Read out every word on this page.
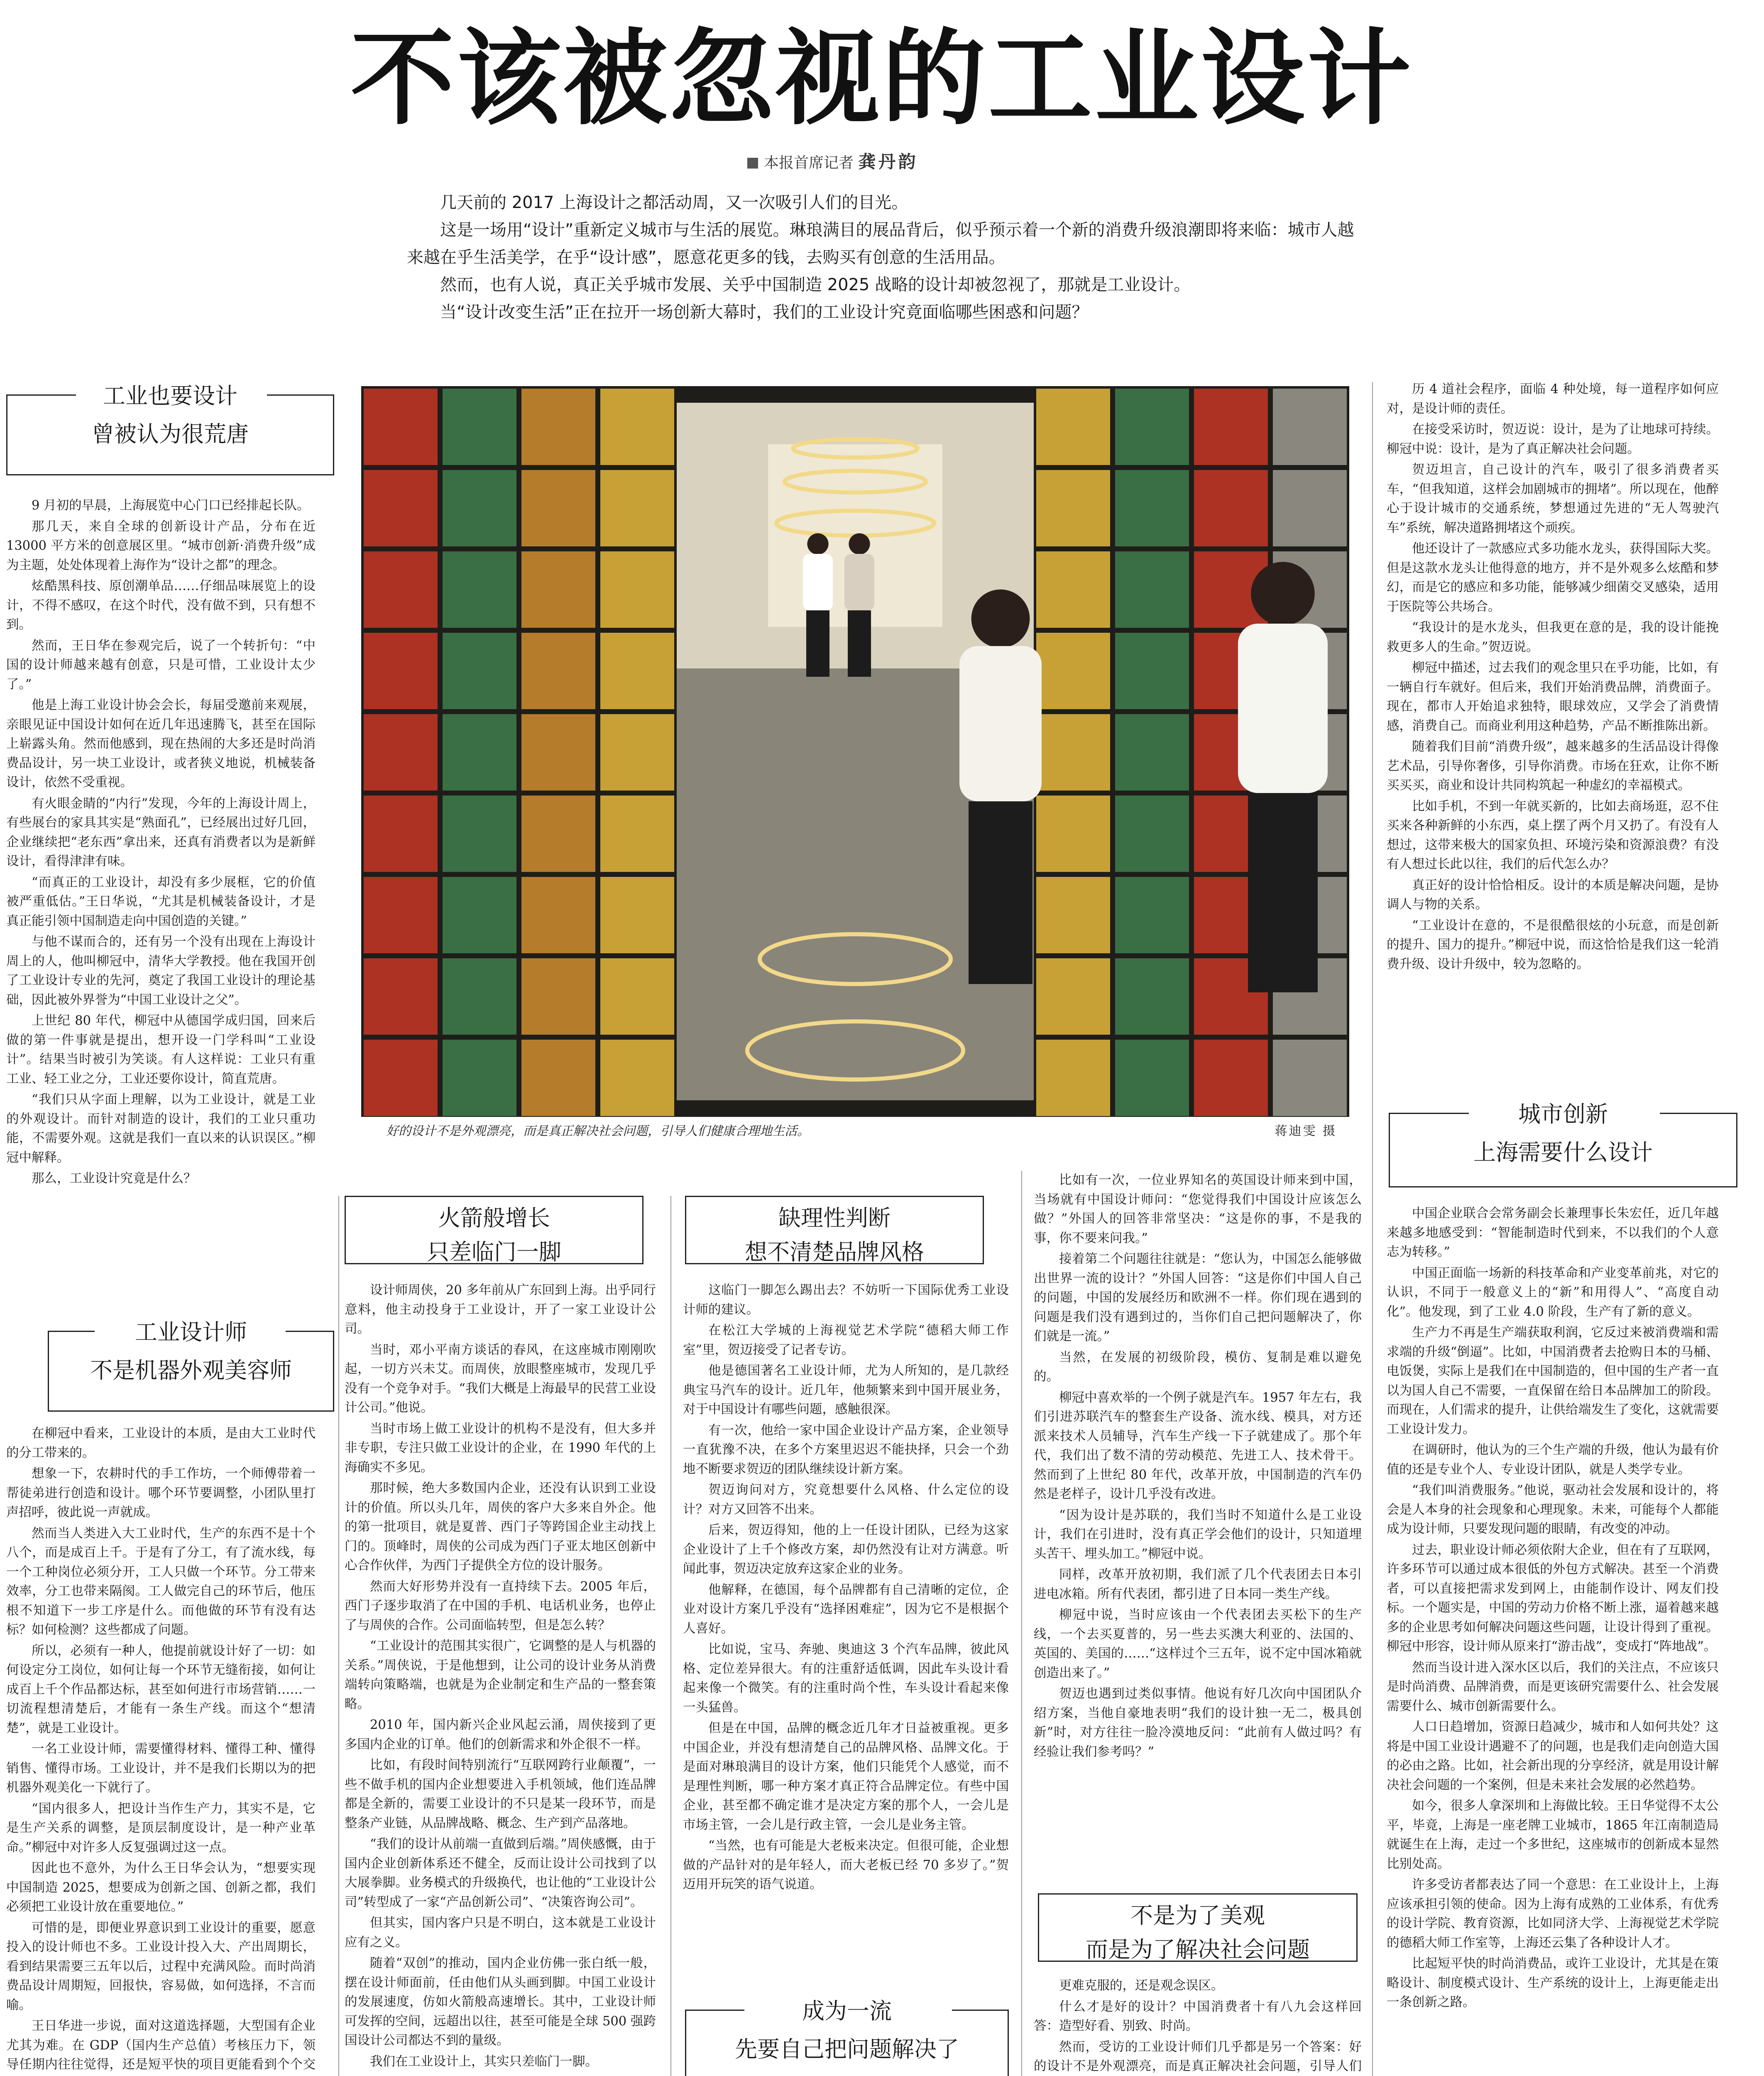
不该被忽视的工业设计
本报首席记者 龚丹韵

几天前的 2017 上海设计之都活动周，又一次吸引人们的目光。

这是一场用“设计”重新定义城市与生活的展览。琳琅满目的展品背后，似乎预示着一个新的消费升级浪潮即将来临：城市人越来越在乎生活美学，在乎“设计感”，愿意花更多的钱，去购买有创意的生活用品。

然而，也有人说，真正关乎城市发展、关乎中国制造 2025 战略的设计却被忽视了，那就是工业设计。

当“设计改变生活”正在拉开一场创新大幕时，我们的工业设计究竟面临哪些困惑和问题？

工业也要设计
曾被认为很荒唐

9 月初的早晨，上海展览中心门口已经排起长队。

那几天，来自全球的创新设计产品，分布在近 13000 平方米的创意展区里。“城市创新·消费升级”成为主题，处处体现着上海作为“设计之都”的理念。

炫酷黑科技、原创潮单品……仔细品味展览上的设计，不得不感叹，在这个时代，没有做不到，只有想不到。

然而，王日华在参观完后，说了一个转折句：“中国的设计师越来越有创意，只是可惜，工业设计太少了。”

他是上海工业设计协会会长，每届受邀前来观展，亲眼见证中国设计如何在近几年迅速腾飞，甚至在国际上崭露头角。然而他感到，现在热闹的大多还是时尚消费品设计，另一块工业设计，或者狭义地说，机械装备设计，依然不受重视。

有火眼金睛的“内行”发现，今年的上海设计周上，有些展台的家具其实是“熟面孔”，已经展出过好几回，企业继续把“老东西”拿出来，还真有消费者以为是新鲜设计，看得津津有味。

“而真正的工业设计，却没有多少展框，它的价值被严重低估。”王日华说，“尤其是机械装备设计，才是真正能引领中国制造走向中国创造的关键。”

与他不谋而合的，还有另一个没有出现在上海设计周上的人，他叫柳冠中，清华大学教授。他在我国开创了工业设计专业的先河，奠定了我国工业设计的理论基础，因此被外界誉为“中国工业设计之父”。

上世纪 80 年代，柳冠中从德国学成归国，回来后做的第一件事就是提出，想开设一门学科叫“工业设计”。结果当时被引为笑谈。有人这样说：工业只有重工业、轻工业之分，工业还要你设计，简直荒唐。

“我们只从字面上理解，以为工业设计，就是工业的外观设计。而针对制造的设计，我们的工业只重功能，不需要外观。这就是我们一直以来的认识误区。”柳冠中解释。

那么，工业设计究竟是什么？

工业设计师
不是机器外观美容师

在柳冠中看来，工业设计的本质，是由大工业时代的分工带来的。

想象一下，农耕时代的手工作坊，一个师傅带着一帮徒弟进行创造和设计。哪个环节要调整，小团队里打声招呼，彼此说一声就成。

然而当人类进入大工业时代，生产的东西不是十个八个，而是成百上千。于是有了分工，有了流水线，每一个工种岗位必须分开，工人只做一个环节。分工带来效率，分工也带来隔阂。工人做完自己的环节后，他压根不知道下一步工序是什么。而他做的环节有没有达标？如何检测？这些都成了问题。

所以，必须有一种人，他提前就设计好了一切：如何设定分工岗位，如何让每一个环节无缝衔接，如何让成百上千个作品都达标，甚至如何进行市场营销……一切流程想清楚后，才能有一条生产线。而这个“想清楚”，就是工业设计。

一名工业设计师，需要懂得材料、懂得工种、懂得销售、懂得市场。工业设计，并不是我们长期以为的把机器外观美化一下就行了。

“国内很多人，把设计当作生产力，其实不是，它是生产关系的调整，是顶层制度设计，是一种产业革命。”柳冠中对许多人反复强调过这一点。

因此也不意外，为什么王日华会认为，“想要实现中国制造 2025，想要成为创新之国、创新之都，我们必须把工业设计放在重要地位。”

可惜的是，即便业界意识到工业设计的重要，愿意投入的设计师也不多。工业设计投入大、产出周期长，看到结果需要三五年以后，过程中充满风险。而时尚消费品设计周期短，回报快，容易做，如何选择，不言而喻。

王日华进一步说，面对这道选择题，大型国有企业尤其为难。在 GDP（国内生产总值）考核压力下，领导任期内往往觉得，还是短平快的项目更能看到个个交

好的设计不是外观漂亮，而是真正解决社会问题，引导人们健康合理地生活。	蒋迪雯 摄
火箭般增长
只差临门一脚

设计师周侠，20 多年前从广东回到上海。出乎同行意料，他主动投身于工业设计，开了一家工业设计公司。

当时，邓小平南方谈话的春风，在这座城市刚刚吹起，一切方兴未艾。而周侠，放眼整座城市，发现几乎没有一个竞争对手。“我们大概是上海最早的民营工业设计公司。”他说。

当时市场上做工业设计的机构不是没有，但大多并非专职，专注只做工业设计的企业，在 1990 年代的上海确实不多见。

那时候，绝大多数国内企业，还没有认识到工业设计的价值。所以头几年，周侠的客户大多来自外企。他的第一批项目，就是夏普、西门子等跨国企业主动找上门的。顶峰时，周侠的公司成为西门子亚太地区创新中心合作伙伴，为西门子提供全方位的设计服务。

然而大好形势并没有一直持续下去。2005 年后，西门子逐步取消了在中国的手机、电话机业务，也停止了与周侠的合作。公司面临转型，但是怎么转？

“工业设计的范围其实很广，它调整的是人与机器的关系。”周侠说，于是他想到，让公司的设计业务从消费端转向策略端，也就是为企业制定和生产品的一整套策略。

2010 年，国内新兴企业风起云涌，周侠接到了更多国内企业的订单。他们的创新需求和外企很不一样。

比如，有段时间特别流行“互联网跨行业颠覆”，一些不做手机的国内企业想要进入手机领域，他们连品牌都是全新的，需要工业设计的不只是某一段环节，而是整条产业链，从品牌战略、概念、生产到产品落地。

“我们的设计从前端一直做到后端。”周侠感慨，由于国内企业创新体系还不健全，反而让设计公司找到了以大展拳脚。业务模式的升级换代，也让他的“工业设计公司”转型成了一家“产品创新公司”、“决策咨询公司”。

但其实，国内客户只是不明白，这本就是工业设计应有之义。

随着“双创”的推动，国内企业仿佛一张白纸一般，摆在设计师面前，任由他们从头画到脚。中国工业设计的发展速度，仿如火箭般高速增长。其中，工业设计师可发挥的空间，远超出以往，甚至可能是全球 500 强跨国设计公司都达不到的量级。

我们在工业设计上，其实只差临门一脚。

缺理性判断
想不清楚品牌风格

这临门一脚怎么踢出去？不妨听一下国际优秀工业设计师的建议。

在松江大学城的上海视觉艺术学院“德稻大师工作室”里，贺迈接受了记者专访。

他是德国著名工业设计师，尤为人所知的，是几款经典宝马汽车的设计。近几年，他频繁来到中国开展业务，对于中国设计有哪些问题，感触很深。

有一次，他给一家中国企业设计产品方案，企业领导一直犹豫不决，在多个方案里迟迟不能抉择，只会一个劲地不断要求贺迈的团队继续设计新方案。

贺迈询问对方，究竟想要什么风格、什么定位的设计？对方又回答不出来。

后来，贺迈得知，他的上一任设计团队，已经为这家企业设计了上千个修改方案，却仍然没有让对方满意。听闻此事，贺迈决定放弃这家企业的业务。

他解释，在德国，每个品牌都有自己清晰的定位，企业对设计方案几乎没有“选择困难症”，因为它不是根据个人喜好。

比如说，宝马、奔驰、奥迪这 3 个汽车品牌，彼此风格、定位差异很大。有的注重舒适低调，因此车头设计看起来像一个微笑。有的注重时尚个性，车头设计看起来像一头猛兽。

但是在中国，品牌的概念近几年才日益被重视。更多中国企业，并没有想清楚自己的品牌风格、品牌文化。于是面对琳琅满目的设计方案，他们只能凭个人感觉，而不是理性判断，哪一种方案才真正符合品牌定位。有些中国企业，甚至都不确定谁才是决定方案的那个人，一会儿是市场主管，一会儿是行政主管，一会儿是业务主管。

“当然，也有可能是大老板来决定。但很可能，企业想做的产品针对的是年轻人，而大老板已经 70 多岁了。”贺迈用开玩笑的语气说道。

成为一流
先要自己把问题解决了

比如有一次，一位业界知名的英国设计师来到中国，当场就有中国设计师问：“您觉得我们中国设计应该怎么做？”外国人的回答非常坚决：“这是你的事，不是我的事，你不要来问我。”

接着第二个问题往往就是：“您认为，中国怎么能够做出世界一流的设计？”外国人回答：“这是你们中国人自己的问题，中国的发展经历和欧洲不一样。你们现在遇到的问题是我们没有遇到过的，当你们自己把问题解决了，你们就是一流。”

当然，在发展的初级阶段，模仿、复制是难以避免的。

柳冠中喜欢举的一个例子就是汽车。1957 年左右，我们引进苏联汽车的整套生产设备、流水线、模具，对方还派来技术人员辅导，汽车生产线一下子就建成了。那个年代，我们出了数不清的劳动模范、先进工人、技术骨干。然而到了上世纪 80 年代，改革开放，中国制造的汽车仍然是老样子，设计几乎没有改进。

“因为设计是苏联的，我们当时不知道什么是工业设计，我们在引进时，没有真正学会他们的设计，只知道埋头苦干、埋头加工。”柳冠中说。

同样，改革开放初期，我们派了几个代表团去日本引进电冰箱。所有代表团，都引进了日本同一类生产线。

柳冠中说，当时应该由一个代表团去买松下的生产线，一个去买夏普的，另一些去买澳大利亚的、法国的、英国的、美国的……“这样过个三五年，说不定中国冰箱就创造出来了。”

贺迈也遇到过类似事情。他说有好几次向中国团队介绍方案，当他自豪地表明“我们的设计独一无二，极具创新”时，对方往往一脸冷漠地反问：“此前有人做过吗？有经验让我们参考吗？”

不是为了美观
而是为了解决社会问题

更难克服的，还是观念误区。

什么才是好的设计？中国消费者十有八九会这样回答：造型好看、别致、时尚。

然而，受访的工业设计师们几乎都是另一个答案：好的设计不是外观漂亮，而是真正解决社会问题，引导人们

历 4 道社会程序，面临 4 种处境，每一道程序如何应对，是设计师的责任。

在接受采访时，贺迈说：设计，是为了让地球可持续。柳冠中说：设计，是为了真正解决社会问题。

贺迈坦言，自己设计的汽车，吸引了很多消费者买车，“但我知道，这样会加剧城市的拥堵”。所以现在，他醉心于设计城市的交通系统，梦想通过先进的“无人驾驶汽车”系统，解决道路拥堵这个顽疾。

他还设计了一款感应式多功能水龙头，获得国际大奖。但是这款水龙头让他得意的地方，并不是外观多么炫酷和梦幻，而是它的感应和多功能，能够减少细菌交叉感染，适用于医院等公共场合。

“我设计的是水龙头，但我更在意的是，我的设计能挽救更多人的生命。”贺迈说。

柳冠中描述，过去我们的观念里只在乎功能，比如，有一辆自行车就好。但后来，我们开始消费品牌，消费面子。现在，都市人开始追求独特，眼球效应，又学会了消费情感，消费自己。而商业利用这种趋势，产品不断推陈出新。

随着我们目前“消费升级”，越来越多的生活品设计得像艺术品，引导你奢侈，引导你消费。市场在狂欢，让你不断买买买，商业和设计共同构筑起一种虚幻的幸福模式。

比如手机，不到一年就买新的，比如去商场逛，忍不住买来各种新鲜的小东西，桌上摆了两个月又扔了。有没有人想过，这带来极大的国家负担、环境污染和资源浪费？有没有人想过长此以往，我们的后代怎么办？

真正好的设计恰恰相反。设计的本质是解决问题，是协调人与物的关系。

“工业设计在意的，不是很酷很炫的小玩意，而是创新的提升、国力的提升。”柳冠中说，而这恰恰是我们这一轮消费升级、设计升级中，较为忽略的。

城市创新
上海需要什么设计

中国企业联合会常务副会长兼理事长朱宏任，近几年越来越多地感受到：“智能制造时代到来，不以我们的个人意志为转移。”

中国正面临一场新的科技革命和产业变革前兆，对它的认识，不同于一般意义上的“新”和用得人”、“高度自动化”。他发现，到了工业 4.0 阶段，生产有了新的意义。

生产力不再是生产端获取利润，它反过来被消费端和需求端的升级“倒逼”。比如，中国消费者去抢购日本的马桶、电饭煲，实际上是我们在中国制造的，但中国的生产者一直以为国人自己不需要，一直保留在给日本品牌加工的阶段。而现在，人们需求的提升，让供给端发生了变化，这就需要工业设计发力。

在调研时，他认为的三个生产端的升级，他认为最有价值的还是专业个人、专业设计团队，就是人类学专业。

“我们叫消费服务。”他说，驱动社会发展和设计的，将会是人本身的社会现象和心理现象。未来，可能每个人都能成为设计师，只要发现问题的眼睛，有改变的冲动。

过去，职业设计师必须依附大企业，但在有了互联网，许多环节可以通过成本很低的外包方式解决。甚至一个消费者，可以直接把需求发到网上，由能制作设计、网友们投标。一个题实是，中国的劳动力价格不断上涨，逼着越来越多的企业思考如何解决问题这些问题，让设计得到了重视。柳冠中形容，设计师从原来打“游击战”，变成打“阵地战”。

然而当设计进入深水区以后，我们的关注点，不应该只是时尚消费、品牌消费，而是更该研究需要什么、社会发展需要什么、城市创新需要什么。

人口日趋增加，资源日趋减少，城市和人如何共处？这将是中国工业设计遇避不了的问题，也是我们走向创造大国的必由之路。比如，社会新出现的分享经济，就是用设计解决社会问题的一个案例，但是未来社会发展的必然趋势。

如今，很多人拿深圳和上海做比较。王日华觉得不太公平，毕竟，上海是一座老牌工业城市，1865 年江南制造局就诞生在上海，走过一个多世纪，这座城市的创新成本显然比别处高。

许多受访者都表达了同一个意思：在工业设计上，上海应该承担引领的使命。因为上海有成熟的工业体系，有优秀的设计学院、教育资源，比如同济大学、上海视觉艺术学院的德稻大师工作室等，上海还云集了各种设计人才。

比起短平快的时尚消费品，或许工业设计，尤其是在策略设计、制度模式设计、生产系统的设计上，上海更能走出一条创新之路。
